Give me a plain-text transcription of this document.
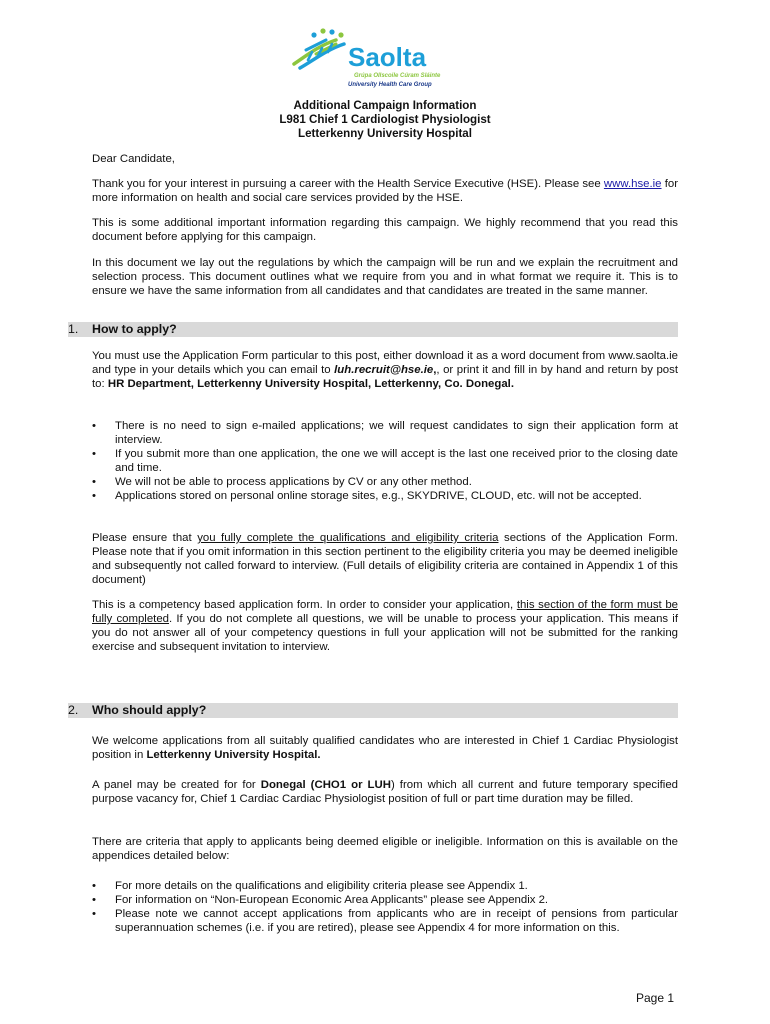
Saolta
Grúpa Ollscoile Cúram Sláinte
University Health Care Group
Additional Campaign Information
L981 Chief 1 Cardiologist Physiologist
Letterkenny University Hospital
Dear Candidate,
Thank you for your interest in pursuing a career with the Health Service Executive (HSE). Please see www.hse.ie for more information on health and social care services provided by the HSE.
This is some additional important information regarding this campaign. We highly recommend that you read this document before applying for this campaign.
In this document we lay out the regulations by which the campaign will be run and we explain the recruitment and selection process. This document outlines what we require from you and in what format we require it. This is to ensure we have the same information from all candidates and that candidates are treated in the same manner.
1. How to apply?
You must use the Application Form particular to this post, either download it as a word document from www.saolta.ie and type in your details which you can email to luh.recruit@hse.ie,, or print it and fill in by hand and return by post to: HR Department, Letterkenny University Hospital, Letterkenny, Co. Donegal.
• There is no need to sign e-mailed applications; we will request candidates to sign their application form at interview.
• If you submit more than one application, the one we will accept is the last one received prior to the closing date and time.
• We will not be able to process applications by CV or any other method.
• Applications stored on personal online storage sites, e.g., SKYDRIVE, CLOUD, etc. will not be accepted.
Please ensure that you fully complete the qualifications and eligibility criteria sections of the Application Form. Please note that if you omit information in this section pertinent to the eligibility criteria you may be deemed ineligible and subsequently not called forward to interview. (Full details of eligibility criteria are contained in Appendix 1 of this document)
This is a competency based application form. In order to consider your application, this section of the form must be fully completed. If you do not complete all questions, we will be unable to process your application. This means if you do not answer all of your competency questions in full your application will not be submitted for the ranking exercise and subsequent invitation to interview.
2. Who should apply?
We welcome applications from all suitably qualified candidates who are interested in Chief 1 Cardiac Physiologist position in Letterkenny University Hospital.
A panel may be created for for Donegal (CHO1 or LUH) from which all current and future temporary specified purpose vacancy for, Chief 1 Cardiac Cardiac Physiologist position of full or part time duration may be filled.
There are criteria that apply to applicants being deemed eligible or ineligible. Information on this is available on the appendices detailed below:
• For more details on the qualifications and eligibility criteria please see Appendix 1.
• For information on “Non-European Economic Area Applicants” please see Appendix 2.
• Please note we cannot accept applications from applicants who are in receipt of pensions from particular superannuation schemes (i.e. if you are retired), please see Appendix 4 for more information on this.
Page 1
